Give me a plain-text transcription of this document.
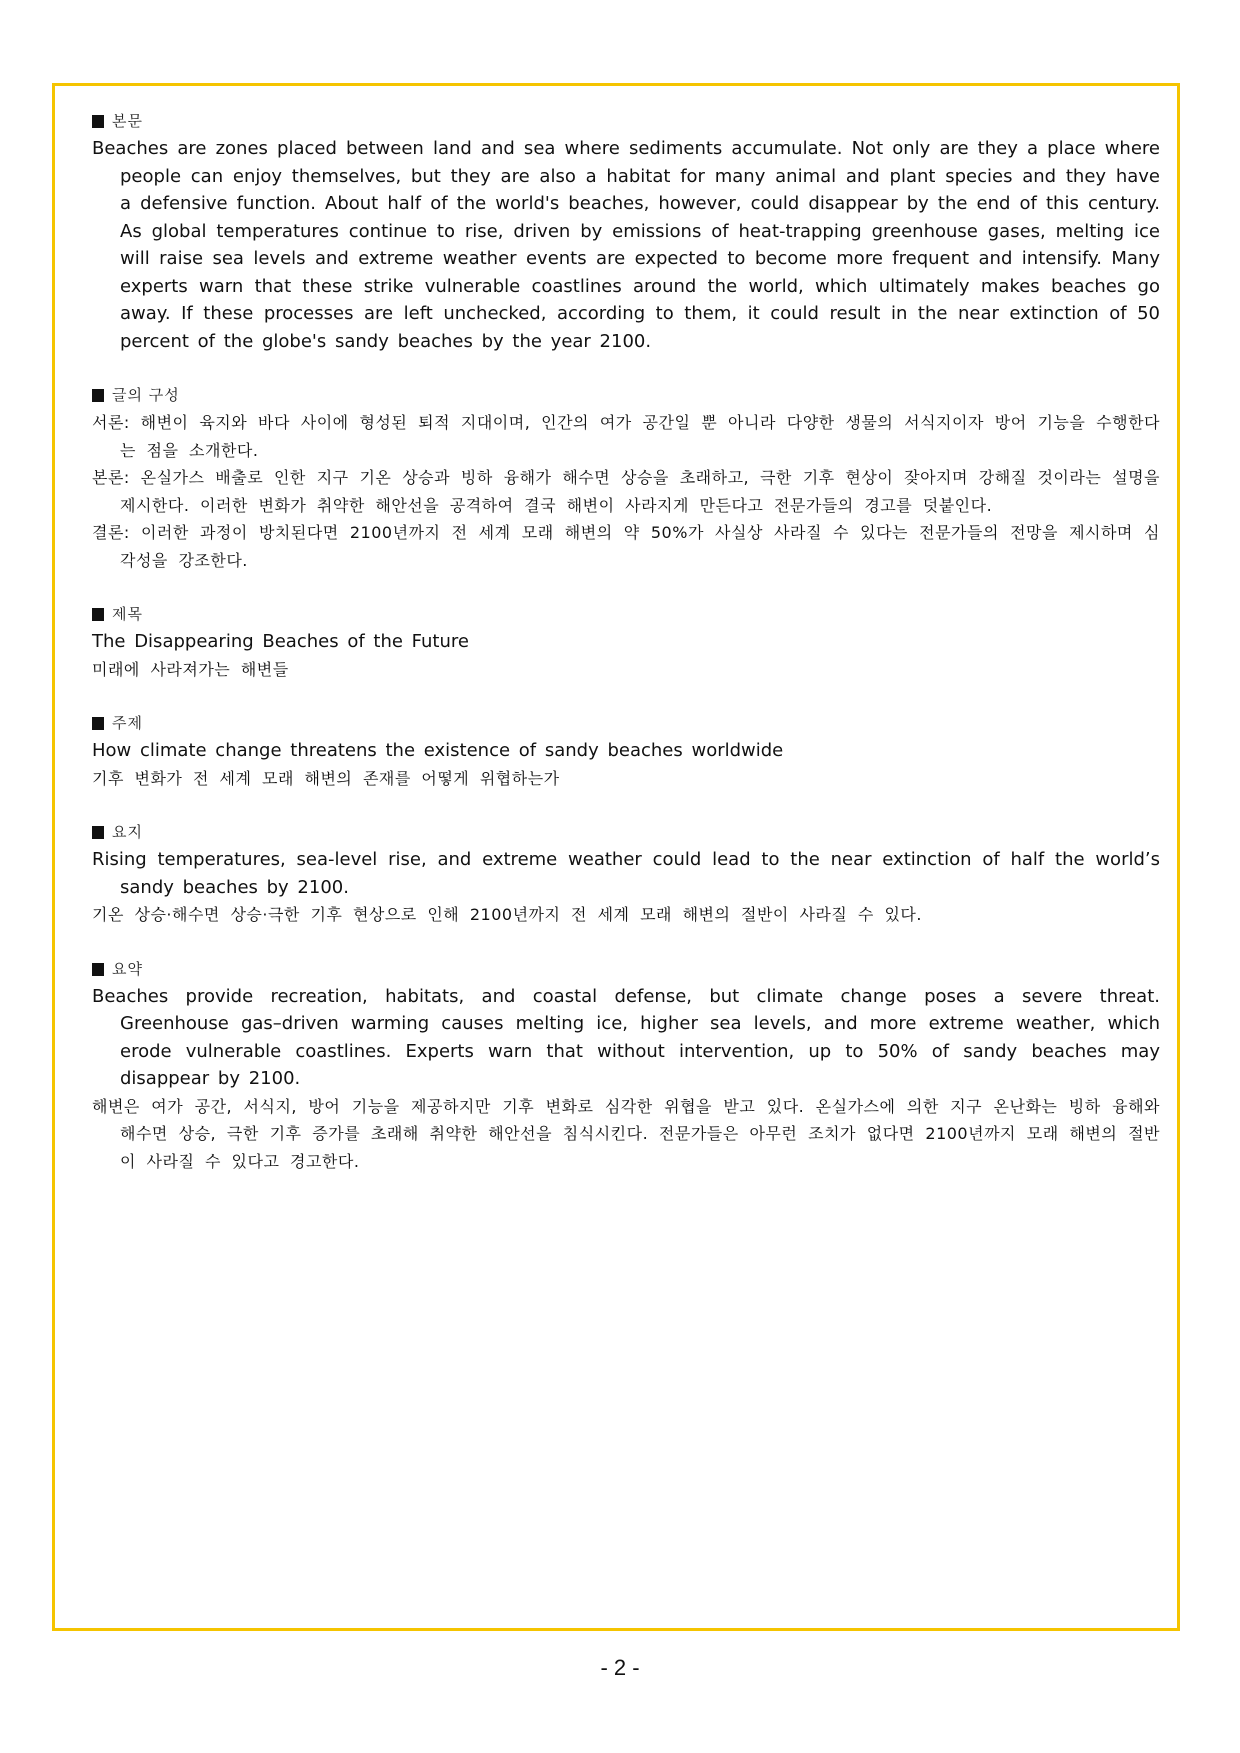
본문
Beaches are zones placed between land and sea where sediments accumulate. Not only are they a place where people can enjoy themselves, but they are also a habitat for many animal and plant species and they have a defensive function. About half of the world's beaches, however, could disappear by the end of this century. As global temperatures continue to rise, driven by emissions of heat-trapping greenhouse gases, melting ice will raise sea levels and extreme weather events are expected to become more frequent and intensify. Many experts warn that these strike vulnerable coastlines around the world, which ultimately makes beaches go away. If these processes are left unchecked, according to them, it could result in the near extinction of 50 percent of the globe's sandy beaches by the year 2100.
글의 구성
서론: 해변이 육지와 바다 사이에 형성된 퇴적 지대이며, 인간의 여가 공간일 뿐 아니라 다양한 생물의 서식지이자 방어 기능을 수행한다는 점을 소개한다.
본론: 온실가스 배출로 인한 지구 기온 상승과 빙하 융해가 해수면 상승을 초래하고, 극한 기후 현상이 잦아지며 강해질 것이라는 설명을 제시한다. 이러한 변화가 취약한 해안선을 공격하여 결국 해변이 사라지게 만든다고 전문가들의 경고를 덧붙인다.
결론: 이러한 과정이 방치된다면 2100년까지 전 세계 모래 해변의 약 50%가 사실상 사라질 수 있다는 전문가들의 전망을 제시하며 심각성을 강조한다.
제목
The Disappearing Beaches of the Future
미래에 사라져가는 해변들
주제
How climate change threatens the existence of sandy beaches worldwide
기후 변화가 전 세계 모래 해변의 존재를 어떻게 위협하는가
요지
Rising temperatures, sea-level rise, and extreme weather could lead to the near extinction of half the world’s sandy beaches by 2100.
기온 상승·해수면 상승·극한 기후 현상으로 인해 2100년까지 전 세계 모래 해변의 절반이 사라질 수 있다.
요약
Beaches provide recreation, habitats, and coastal defense, but climate change poses a severe threat. Greenhouse gas–driven warming causes melting ice, higher sea levels, and more extreme weather, which erode vulnerable coastlines. Experts warn that without intervention, up to 50% of sandy beaches may disappear by 2100.
해변은 여가 공간, 서식지, 방어 기능을 제공하지만 기후 변화로 심각한 위협을 받고 있다. 온실가스에 의한 지구 온난화는 빙하 융해와 해수면 상승, 극한 기후 증가를 초래해 취약한 해안선을 침식시킨다. 전문가들은 아무런 조치가 없다면 2100년까지 모래 해변의 절반이 사라질 수 있다고 경고한다.
- 2 -
